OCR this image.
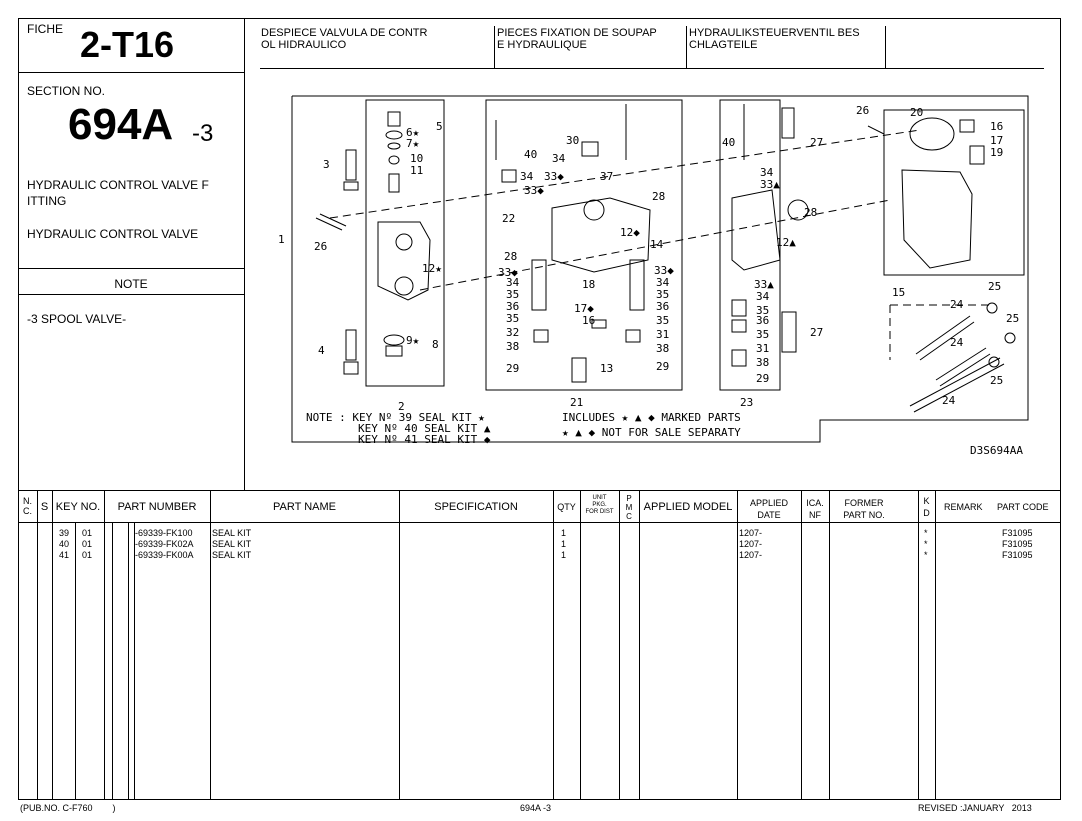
FICHE 2-T16
SECTION NO.
694A -3
HYDRAULIC CONTROL VALVE F
ITTING
HYDRAULIC CONTROL VALVE
NOTE
-3 SPOOL VALVE-
DESPIECE VALVULA DE CONTR
OL HIDRAULICO
PIECES FIXATION DE SOUPAP
E HYDRAULIQUE
HYDRAULIKSTEUERVENTIL BES
CHLAGTEILE
1
26
3
4
5
6★
7★
10
11
12★
9★ 8
2
30
40 34
34
33◆
33◆	37
28
22
12◆
14
28
33◆
34
35
36
35
32
38
29
18
17◆
16
13
33◆
34
35
36
35
31
38
29
21
40	27
34
33▲
28
12▲
33▲
34
35
36
35
31
38
29
27
23
26	20
16
17
19
15
24
25
24
25
25
24
NOTE : KEY Nº 39 SEAL KIT ★
KEY Nº 40 SEAL KIT ▲
KEY Nº 41 SEAL KIT ◆
INCLUDES ★ ▲ ◆ MARKED PARTS
★ ▲ ◆ NOT FOR SALE SEPARATY
D3S694AA
N.
C. S KEY NO.	PART NUMBER	PART NAME	SPECIFICATION	QTY
UNIT
PKG.
FOR DIST
P
M
C
APPLIED MODEL	APPLIED
DATE
ICA.
NF
FORMER
PART NO.
K
D
REMARK PART CODE
39 01	-69339-FK100 SEAL KIT	1	1207-	*	F31095
40 01	-69339-FK02A SEAL KIT	1	1207-	*	F31095
41 01	-69339-FK00A SEAL KIT	1	1207-	*	F31095
(PUB.NO. C-F760        )	694A -3	REVISED :JANUARY   2013
